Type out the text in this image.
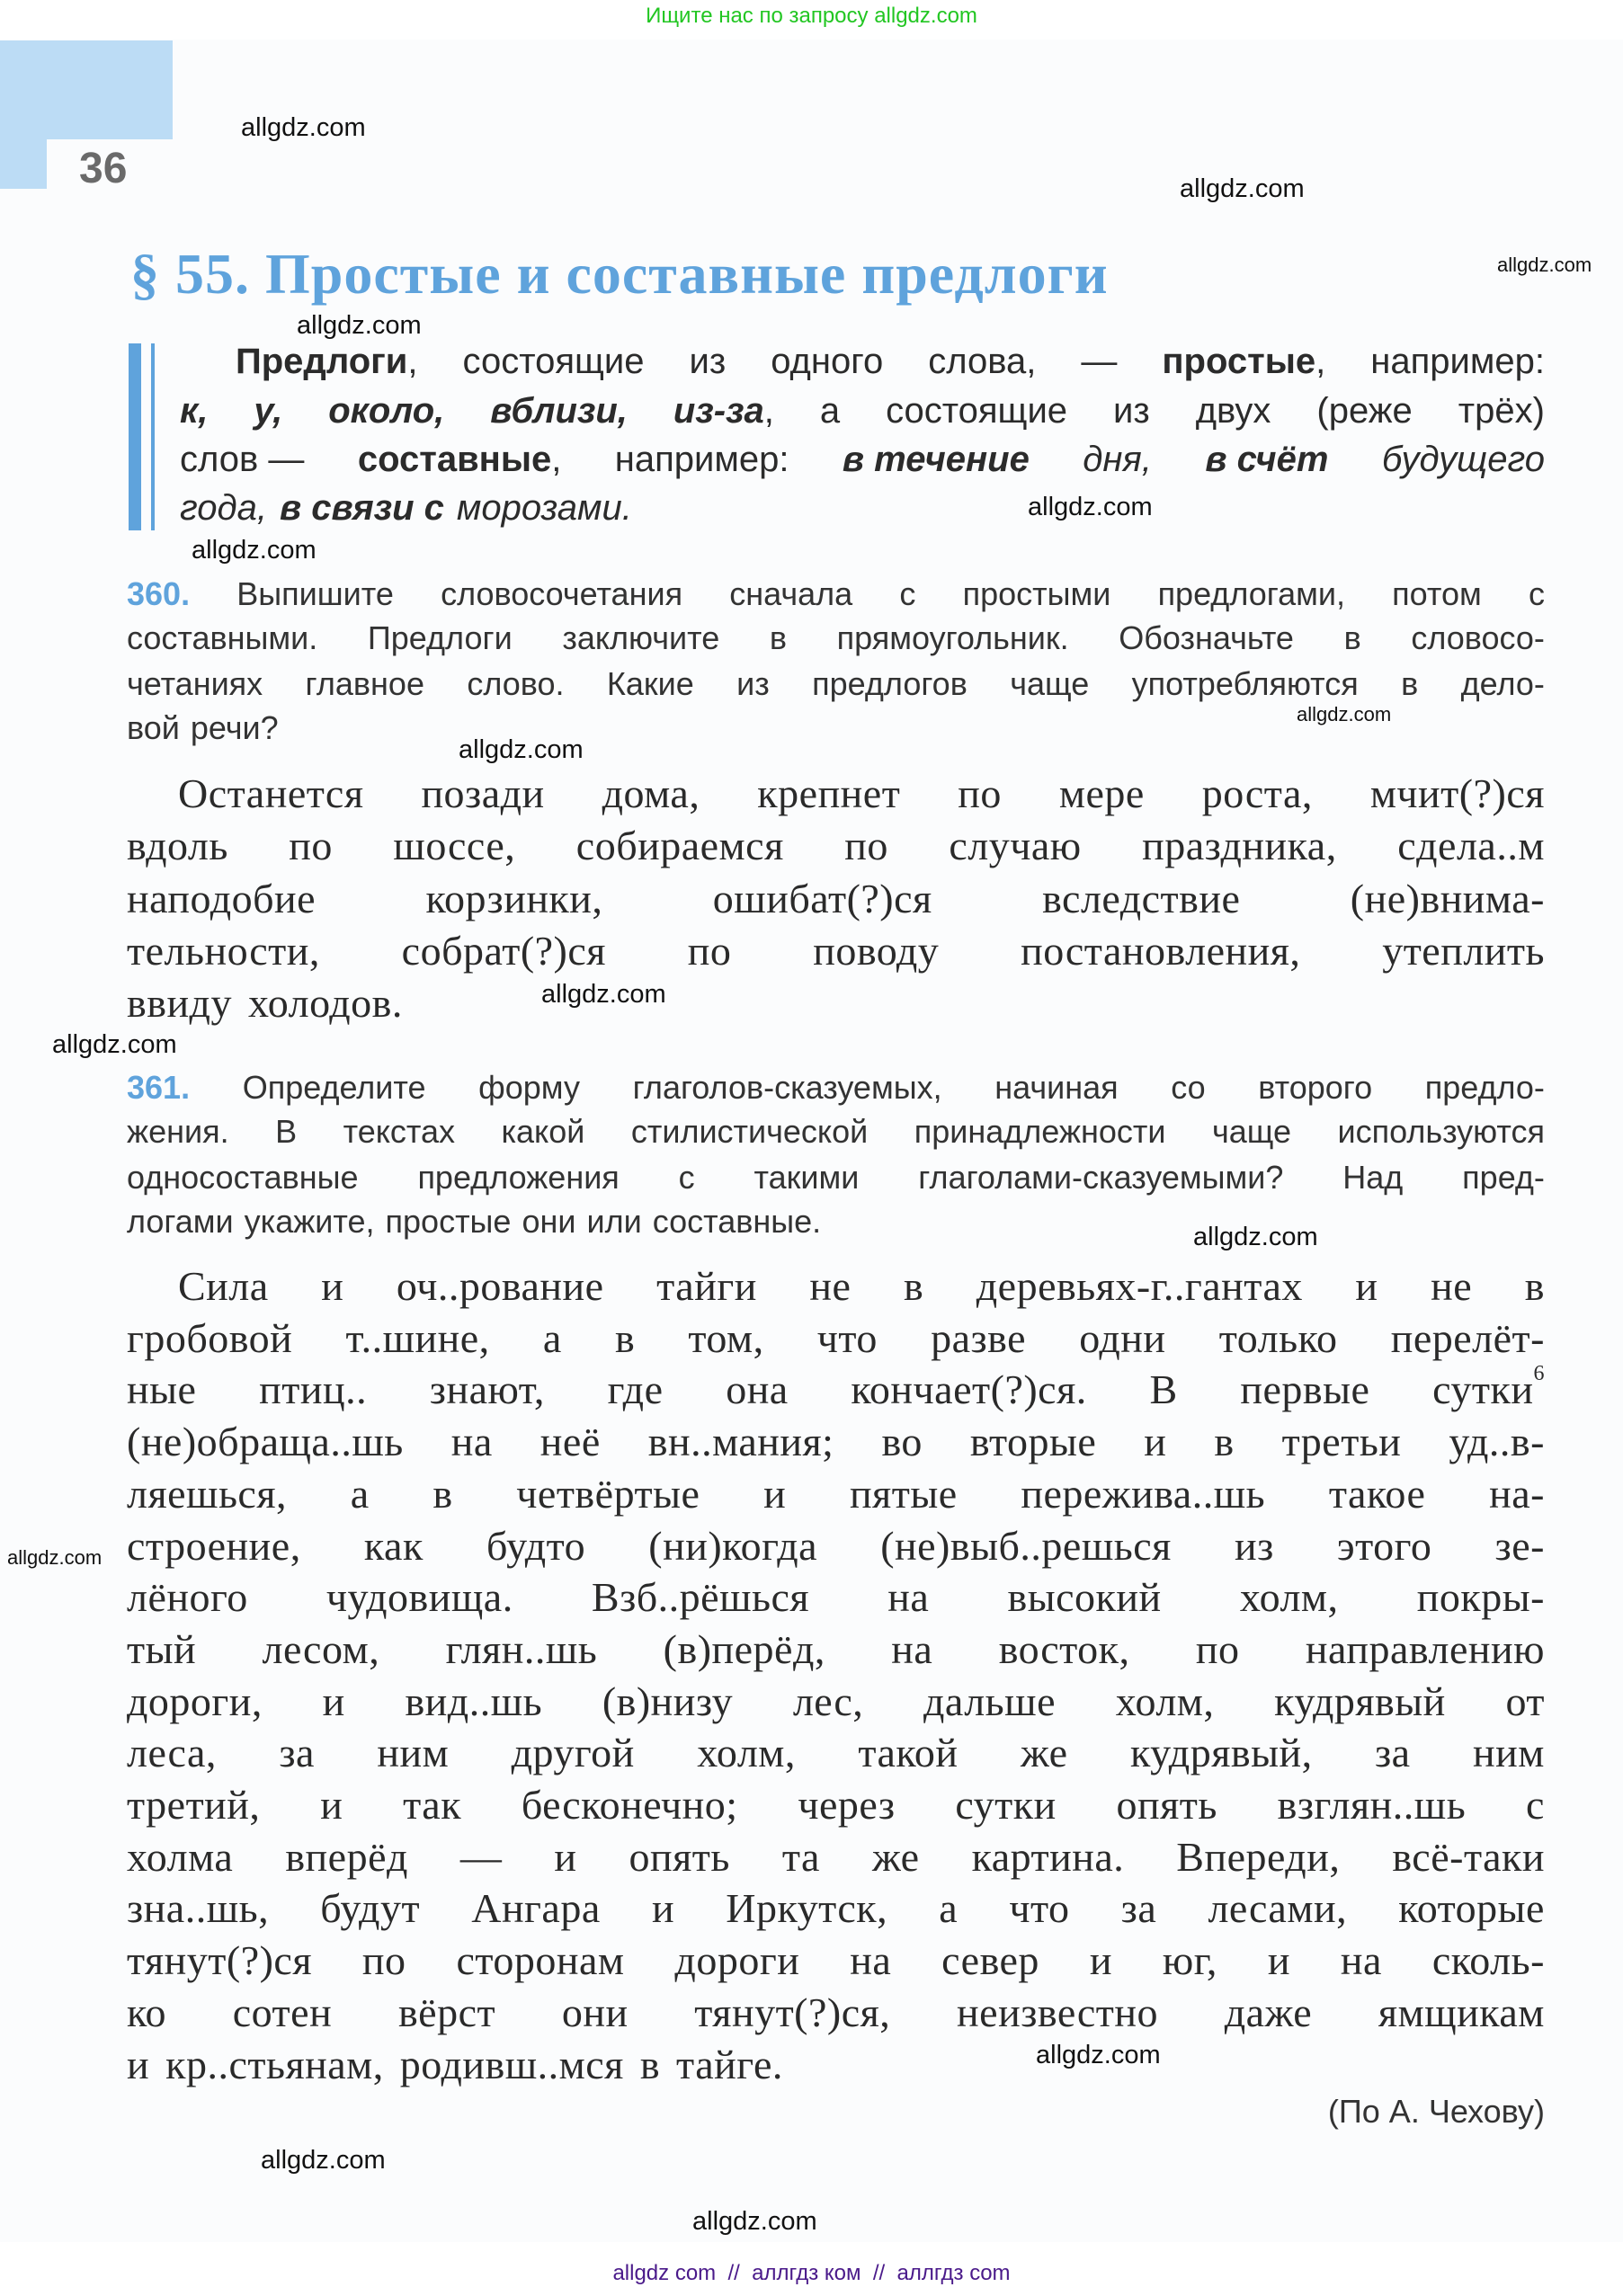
Ищите нас по запросу allgdz.com
36
§ 55. Простые и составные предлоги
Предлоги, состоящие из одного слова, — простые, например:
к, у, около, вблизи, из-за, а состоящие из двух (реже трёх)
слов — составные, например: в течение дня, в счёт будущего
года, в связи с морозами.
360. Выпишите словосочетания сначала с простыми предлогами, потом с
составными. Предлоги заключите в прямоугольник. Обозначьте в словосо-
четаниях главное слово. Какие из предлогов чаще употребляются в дело-
вой речи?
Останется позади дома, крепнет по мере роста, мчит(?)ся
вдоль по шоссе, собираемся по случаю праздника, сдела..м
наподобие	корзинки,	ошибат(?)ся	вследствие	(не)внима-
тельности, собрат(?)ся по поводу постановления, утеплить
ввиду холодов.
361. Определите форму глаголов-сказуемых, начиная со второго предло-
жения. В текстах какой стилистической принадлежности чаще используются
односоставные предложения с такими глаголами-сказуемыми? Над пред-
логами укажите, простые они или составные.
Сила и оч..рование тайги не в деревьях-г..гантах и не в
гробовой т..шине, а в том, что разве одни только перелёт-
ные птиц.. знают, где она кончает(?)ся. В первые сутки$^6$
(не)обраща..шь на неё вн..мания; во вторые и в третьи уд..в-
ляешься, а в четвёртые и пятые пережива..шь такое на-
строение, как будто (ни)когда (не)выб..решься из этого зе-
лёного чудовища. Взб..рёшься на высокий холм, покры-
тый лесом, глян..шь (в)перёд, на восток, по направлению
дороги, и вид..шь (в)низу лес, дальше холм, кудрявый от
леса, за ним другой холм, такой же кудрявый, за ним
третий, и так бесконечно; через сутки опять взглян..шь с
холма вперёд — и опять та же картина. Впереди, всё-таки
зна..шь, будут Ангара и Иркутск, а что за лесами, которые
тянут(?)ся по сторонам дороги на север и юг, и на сколь-
ко сотен вёрст они тянут(?)ся, неизвестно даже ямщикам
и кр..стьянам, родивш..мся в тайге.
(По А. Чехову)
allgdz.com
allgdz.com
allgdz.com
allgdz.com
allgdz.com
allgdz.com
allgdz.com
allgdz.com
allgdz.com
allgdz.com
allgdz.com
allgdz.com
allgdz.com
allgdz.com
allgdz.com
allgdz com  //  аллгдз ком  //  аллгдз com
